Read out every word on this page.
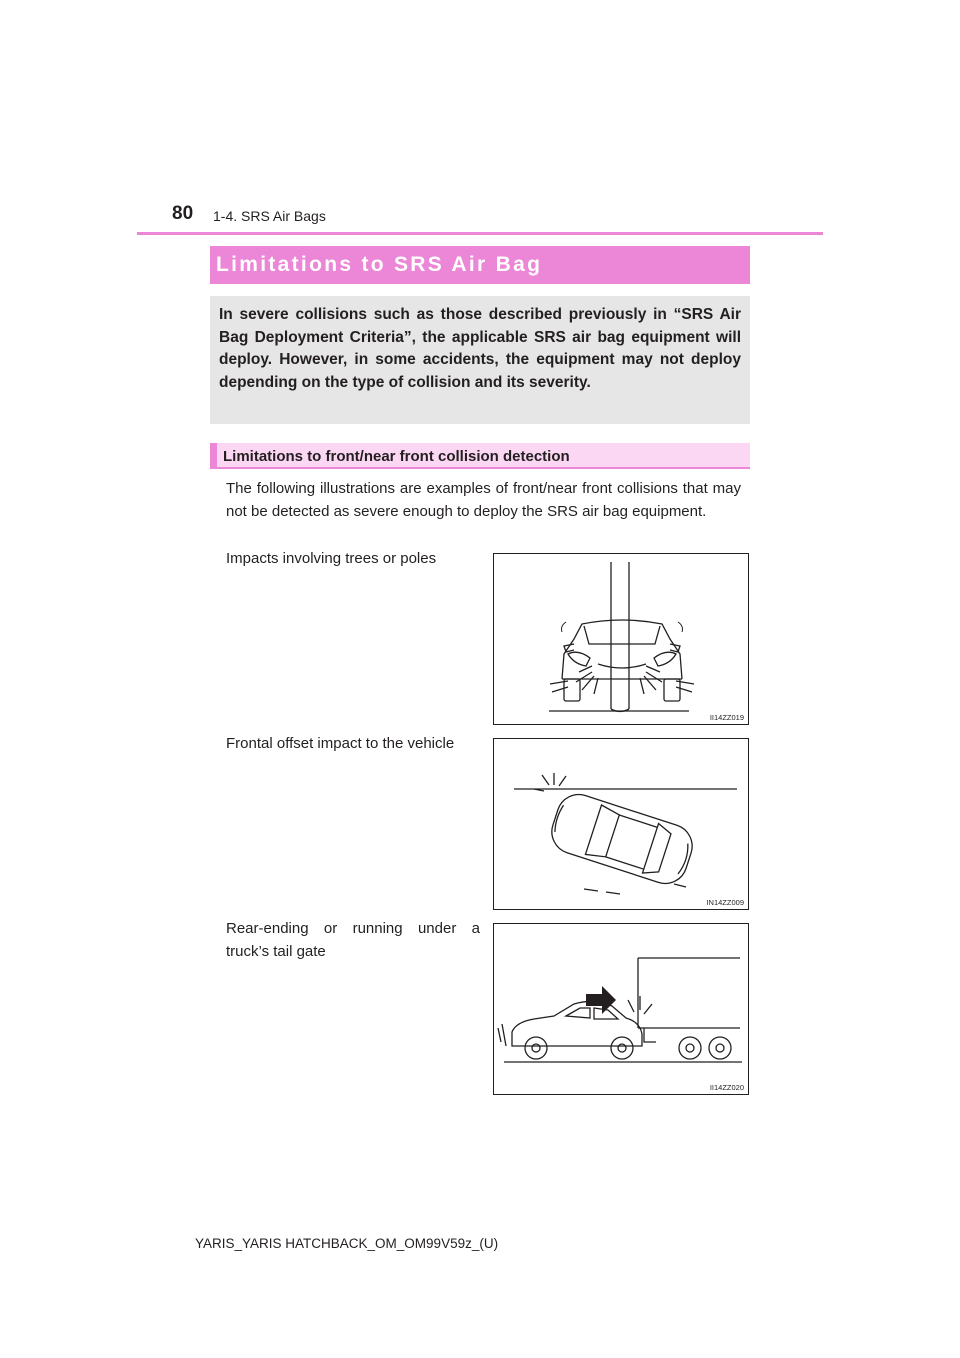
80 1-4. SRS Air Bags
Limitations to SRS Air Bag
In severe collisions such as those described previously in “SRS Air Bag Deployment Criteria”, the applicable SRS air bag equipment will deploy. However, in some accidents, the equipment may not deploy depending on the type of collision and its severity.
Limitations to front/near front collision detection
The following illustrations are examples of front/near front collisions that may not be detected as severe enough to deploy the SRS air bag equipment.
Impacts involving trees or poles
II14ZZ019
Frontal offset impact to the vehicle
IN14ZZ009
Rear-ending or running under a truck’s tail gate
II14ZZ020
YARIS_YARIS HATCHBACK_OM_OM99V59z_(U)
